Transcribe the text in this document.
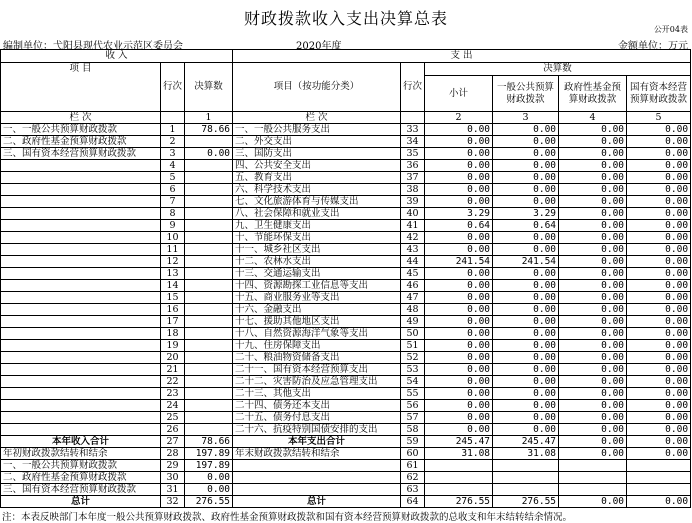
财政拨款收入支出决算总表
公开04表
编制单位：弋阳县现代农业示范区委员会	2020年度	金额单位：万元
收 入			支 出					
项 目	行次	决算数	项目（按功能分类）	行次	决算数			
					小计	一般公共预算财政拨款	政府性基金预算财政拨款	国有资本经营预算财政拨款
栏 次		1	栏 次		2	3	4	5
一、一般公共预算财政拨款	1	78.66	一、一般公共服务支出	33	0.00	0.00	0.00	0.00
二、政府性基金预算财政拨款	2		二、外交支出	34	0.00	0.00	0.00	0.00
三、国有资本经营预算财政拨款	3	0.00	三、国防支出	35	0.00	0.00	0.00	0.00
	4		四、公共安全支出	36	0.00	0.00	0.00	0.00
	5		五、教育支出	37	0.00	0.00	0.00	0.00
	6		六、科学技术支出	38	0.00	0.00	0.00	0.00
	7		七、文化旅游体育与传媒支出	39	0.00	0.00	0.00	0.00
	8		八、社会保障和就业支出	40	3.29	3.29	0.00	0.00
	9		九、卫生健康支出	41	0.64	0.64	0.00	0.00
	10		十、节能环保支出	42	0.00	0.00	0.00	0.00
	11		十一、城乡社区支出	43	0.00	0.00	0.00	0.00
	12		十二、农林水支出	44	241.54	241.54	0.00	0.00
	13		十三、交通运输支出	45	0.00	0.00	0.00	0.00
	14		十四、资源勘探工业信息等支出	46	0.00	0.00	0.00	0.00
	15		十五、商业服务业等支出	47	0.00	0.00	0.00	0.00
	16		十六、金融支出	48	0.00	0.00	0.00	0.00
	17		十七、援助其他地区支出	49	0.00	0.00	0.00	0.00
	18		十八、自然资源海洋气象等支出	50	0.00	0.00	0.00	0.00
	19		十九、住房保障支出	51	0.00	0.00	0.00	0.00
	20		二十、粮油物资储备支出	52	0.00	0.00	0.00	0.00
	21		二十一、国有资本经营预算支出	53	0.00	0.00	0.00	0.00
	22		二十二、灾害防治及应急管理支出	54	0.00	0.00	0.00	0.00
	23		二十三、其他支出	55	0.00	0.00	0.00	0.00
	24		二十四、债务还本支出	56	0.00	0.00	0.00	0.00
	25		二十五、债务付息支出	57	0.00	0.00	0.00	0.00
	26		二十六、抗疫特别国债安排的支出	58	0.00	0.00	0.00	0.00
本年收入合计	27	78.66	本年支出合计	59	245.47	245.47	0.00	0.00
年初财政拨款结转和结余	28	197.89	年末财政拨款结转和结余	60	31.08	31.08	0.00	0.00
一、一般公共预算财政拨款	29	197.89		61				
二、政府性基金预算财政拨款	30	0.00		62				
三、国有资本经营预算财政拨款	31	0.00		63				
总计	32	276.55	总计	64	276.55	276.55	0.00	0.00
注：本表反映部门本年度一般公共预算财政拨款、政府性基金预算财政拨款和国有资本经营预算财政拨款的总收支和年末结转结余情况。
